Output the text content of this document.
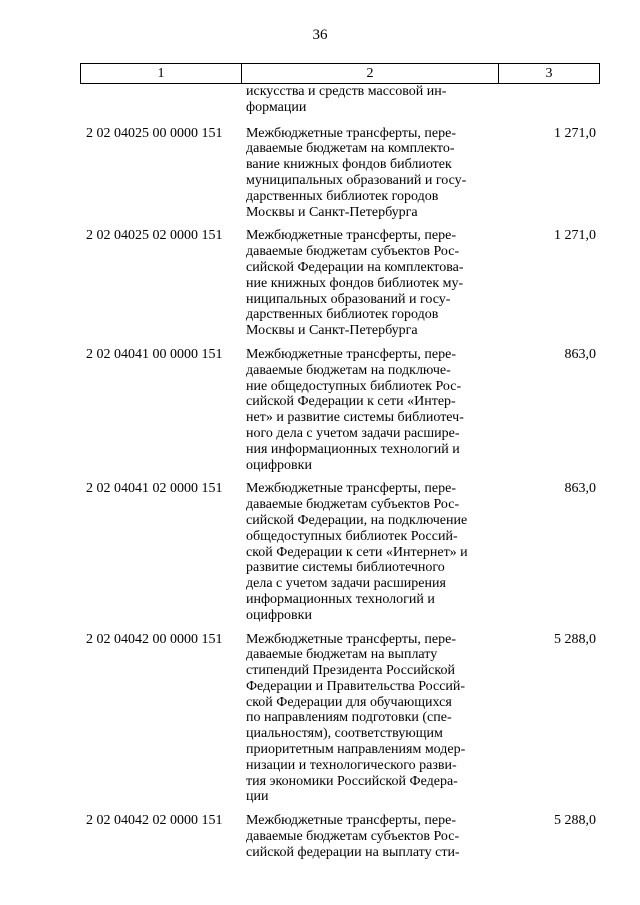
36
1	2	3
искусства и средств массовой ин-
формации
2 02 04025 00 0000 151	Межбюджетные трансферты, пере-
даваемые бюджетам на комплекто-
вание книжных фондов библиотек
муниципальных образований и госу-
дарственных библиотек городов
Москвы и Санкт-Петербурга
1 271,0
2 02 04025 02 0000 151	Межбюджетные трансферты, пере-
даваемые бюджетам субъектов Рос-
сийской Федерации на комплектова-
ние книжных фондов библиотек му-
ниципальных образований и госу-
дарственных библиотек городов
Москвы и Санкт-Петербурга
1 271,0
2 02 04041 00 0000 151	Межбюджетные трансферты, пере-
даваемые бюджетам на подключе-
ние общедоступных библиотек Рос-
сийской Федерации к сети «Интер-
нет» и развитие системы библиотеч-
ного дела с учетом задачи расшире-
ния информационных технологий и
оцифровки
863,0
2 02 04041 02 0000 151	Межбюджетные трансферты, пере-
даваемые бюджетам субъектов Рос-
сийской Федерации, на подключение
общедоступных библиотек Россий-
ской Федерации к сети «Интернет» и
развитие системы библиотечного
дела с учетом задачи расширения
информационных технологий и
оцифровки
863,0
2 02 04042 00 0000 151	Межбюджетные трансферты, пере-
даваемые бюджетам на выплату
стипендий Президента Российской
Федерации и Правительства Россий-
ской Федерации для обучающихся
по направлениям подготовки (спе-
циальностям), соответствующим
приоритетным направлениям модер-
низации и технологического разви-
тия экономики Российской Федера-
ции
5 288,0
2 02 04042 02 0000 151	Межбюджетные трансферты, пере-
даваемые бюджетам субъектов Рос-
сийской федерации на выплату сти-
5 288,0
